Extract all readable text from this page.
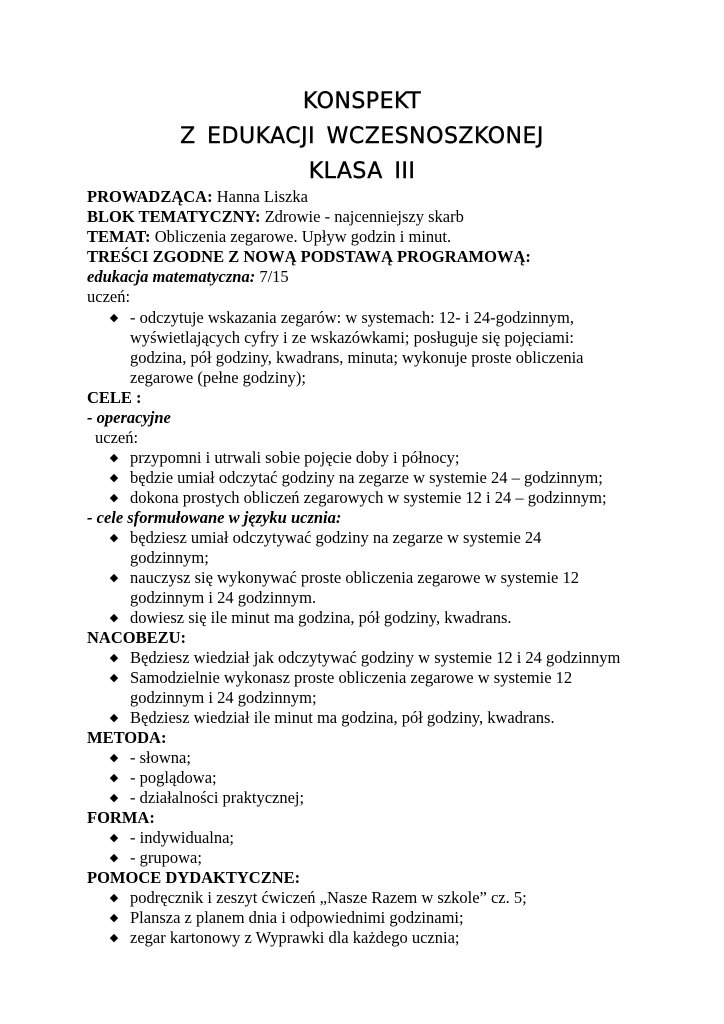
KONSPEKT
Z EDUKACJI WCZESNOSZKONEJ
KLASA III
PROWADZĄCA: Hanna Liszka
BLOK TEMATYCZNY: Zdrowie - najcenniejszy skarb
TEMAT: Obliczenia zegarowe. Upływ godzin i minut.
TREŚCI ZGODNE Z NOWĄ PODSTAWĄ PROGRAMOWĄ:
edukacja matematyczna: 7/15
uczeń:
◆ - odczytuje wskazania zegarów: w systemach: 12- i 24-godzinnym,
wyświetlających cyfry i ze wskazówkami; posługuje się pojęciami:
godzina, pół godziny, kwadrans, minuta; wykonuje proste obliczenia
zegarowe (pełne godziny);
CELE :
- operacyjne
uczeń:
◆ przypomni i utrwali sobie pojęcie doby i północy;
◆ będzie umiał odczytać godziny na zegarze w systemie 24 – godzinnym;
◆ dokona prostych obliczeń zegarowych w systemie 12 i 24 – godzinnym;
- cele sformułowane w języku ucznia:
◆ będziesz umiał odczytywać godziny na zegarze w systemie 24
godzinnym;
◆ nauczysz się wykonywać proste obliczenia zegarowe w systemie 12
godzinnym i 24 godzinnym.
◆ dowiesz się ile minut ma godzina, pół godziny, kwadrans.
NACOBEZU:
◆ Będziesz wiedział jak odczytywać godziny w systemie 12 i 24 godzinnym
◆ Samodzielnie wykonasz proste obliczenia zegarowe w systemie 12
godzinnym i 24 godzinnym;
◆ Będziesz wiedział ile minut ma godzina, pół godziny, kwadrans.
METODA:
◆ - słowna;
◆ - poglądowa;
◆ - działalności praktycznej;
FORMA:
◆ - indywidualna;
◆ - grupowa;
POMOCE DYDAKTYCZNE:
◆ podręcznik i zeszyt ćwiczeń „Nasze Razem w szkole” cz. 5;
◆ Plansza z planem dnia i odpowiednimi godzinami;
◆ zegar kartonowy z Wyprawki dla każdego ucznia;
